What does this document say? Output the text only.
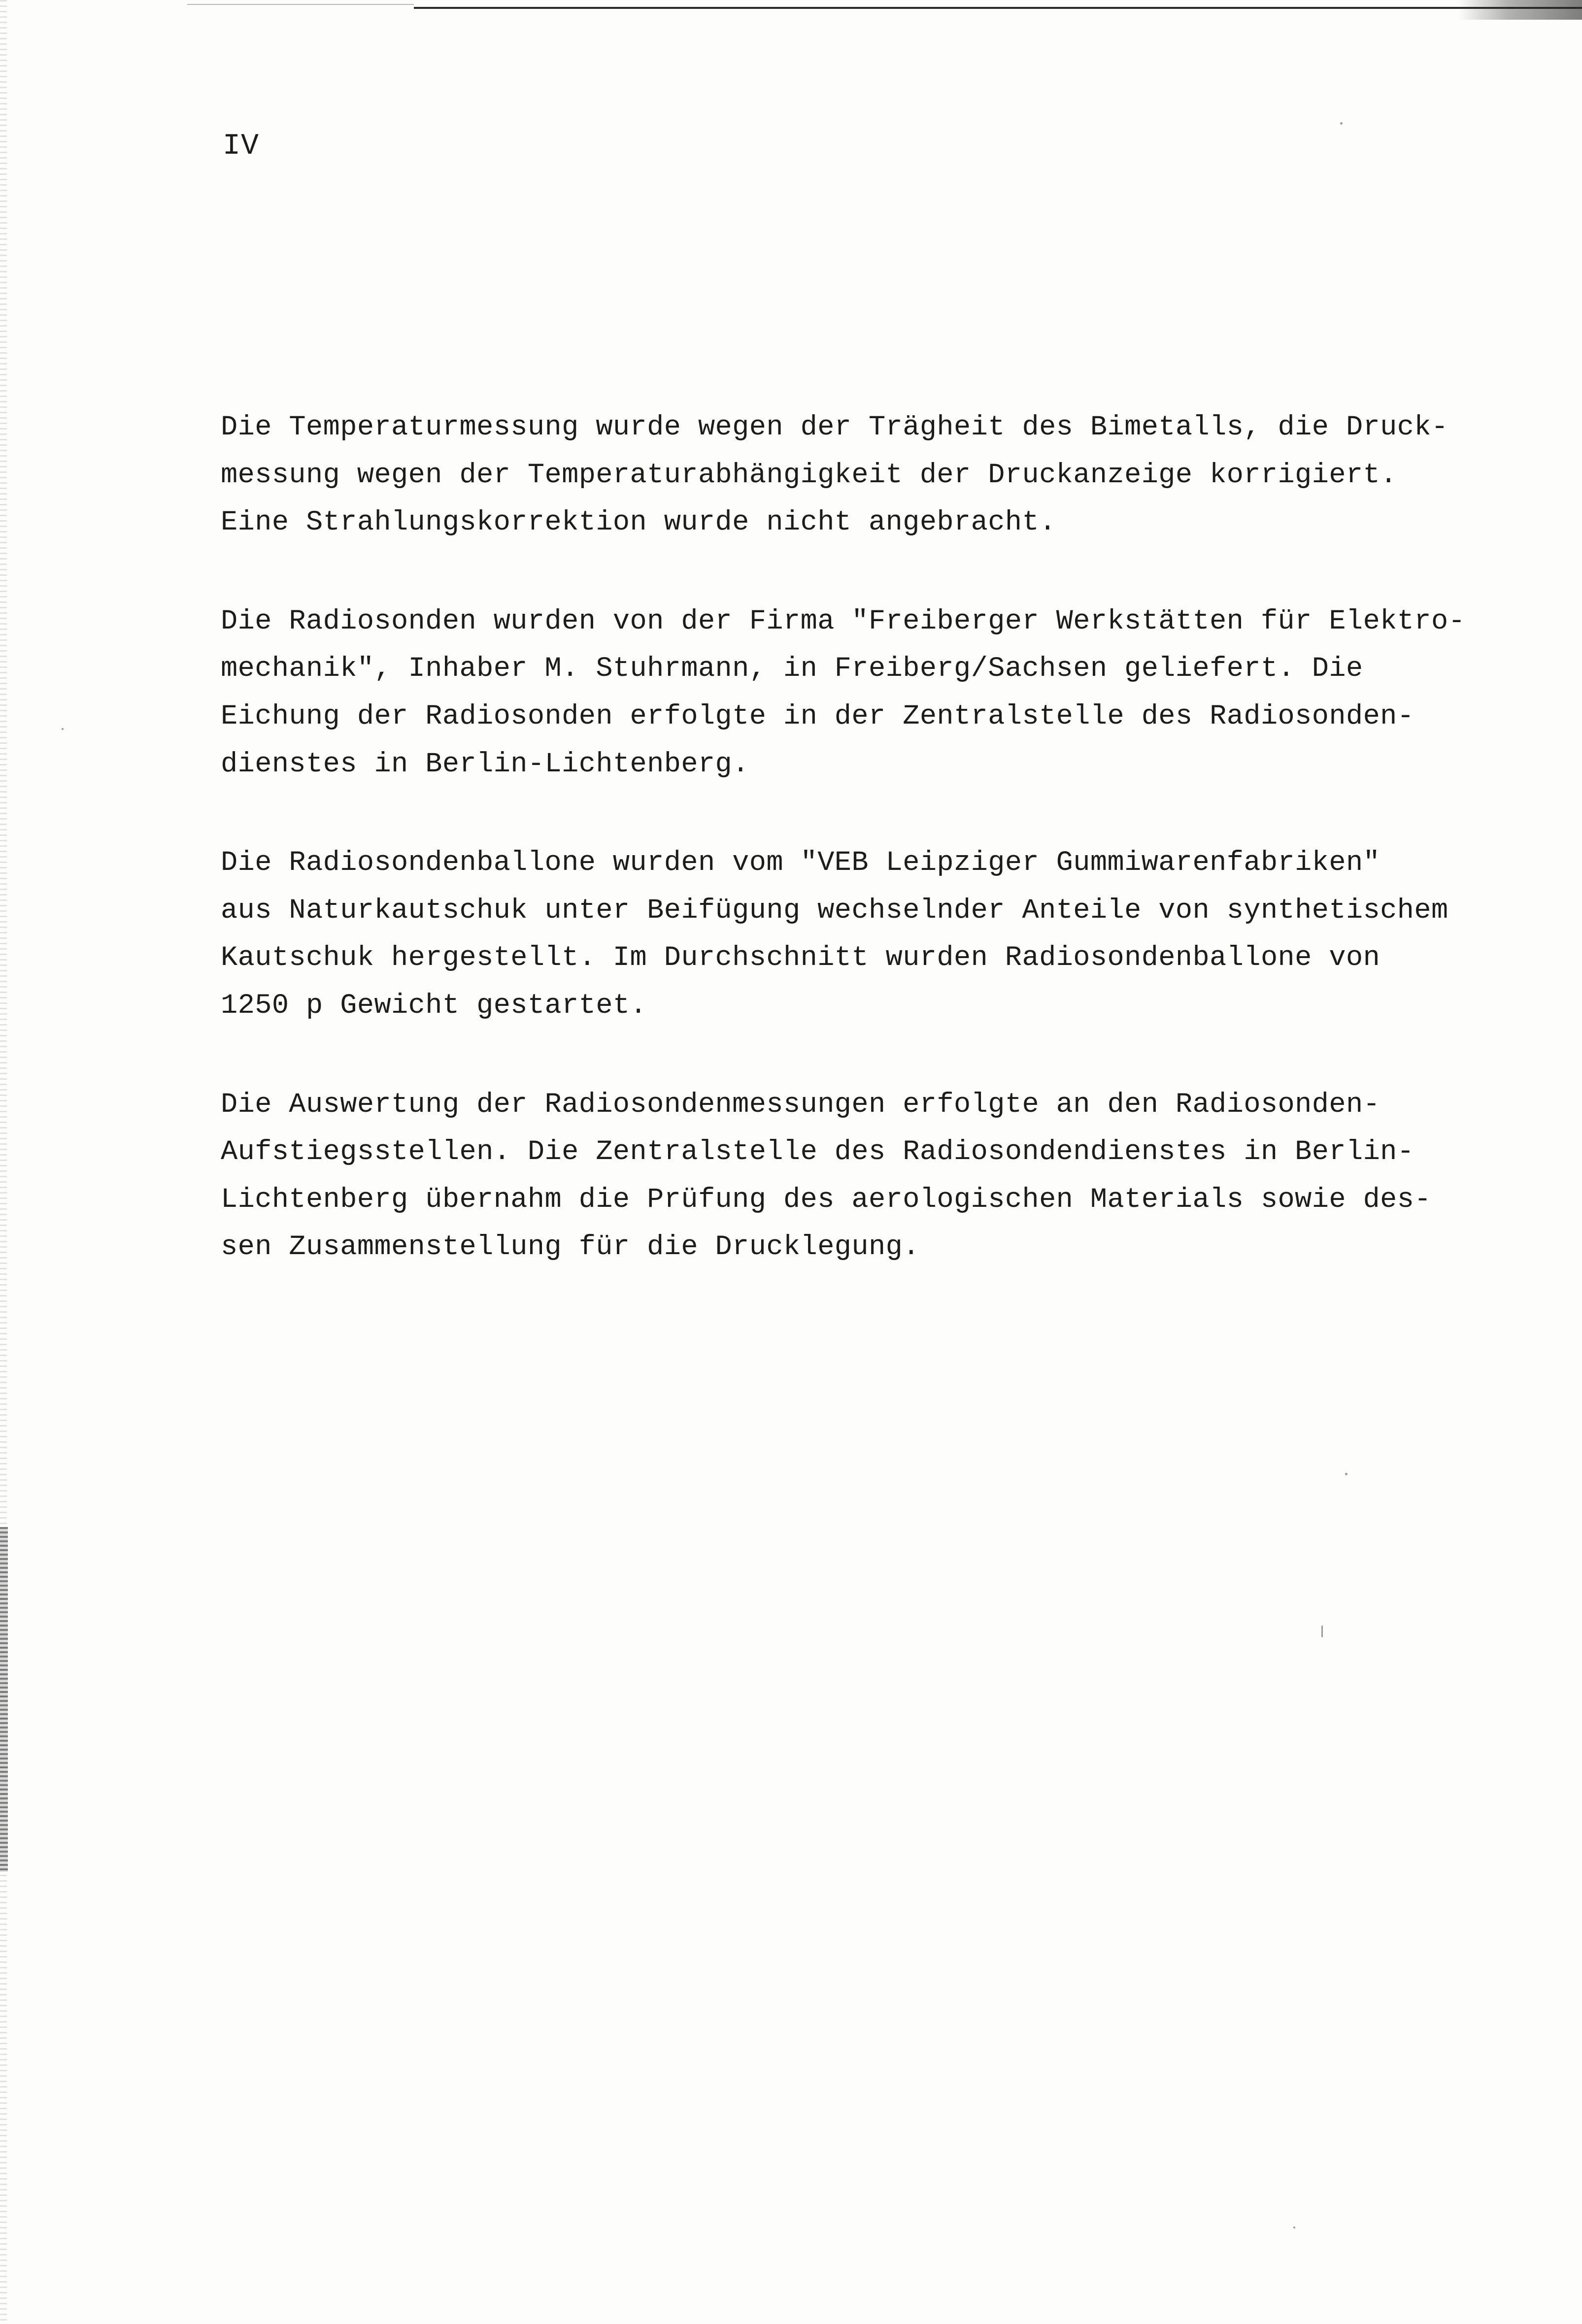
IV

Die Temperaturmessung wurde wegen der Trägheit des Bimetalls, die Druck-
messung wegen der Temperaturabhängigkeit der Druckanzeige korrigiert.
Eine Strahlungskorrektion wurde nicht angebracht.

Die Radiosonden wurden von der Firma "Freiberger Werkstätten für Elektro-
mechanik", Inhaber M. Stuhrmann, in Freiberg/Sachsen geliefert. Die
Eichung der Radiosonden erfolgte in der Zentralstelle des Radiosonden-
dienstes in Berlin-Lichtenberg.

Die Radiosondenballone wurden vom "VEB Leipziger Gummiwarenfabriken"
aus Naturkautschuk unter Beifügung wechselnder Anteile von synthetischem
Kautschuk hergestellt. Im Durchschnitt wurden Radiosondenballone von
1250 p Gewicht gestartet.

Die Auswertung der Radiosondenmessungen erfolgte an den Radiosonden-
Aufstiegsstellen. Die Zentralstelle des Radiosondendienstes in Berlin-
Lichtenberg übernahm die Prüfung des aerologischen Materials sowie des-
sen Zusammenstellung für die Drucklegung.
